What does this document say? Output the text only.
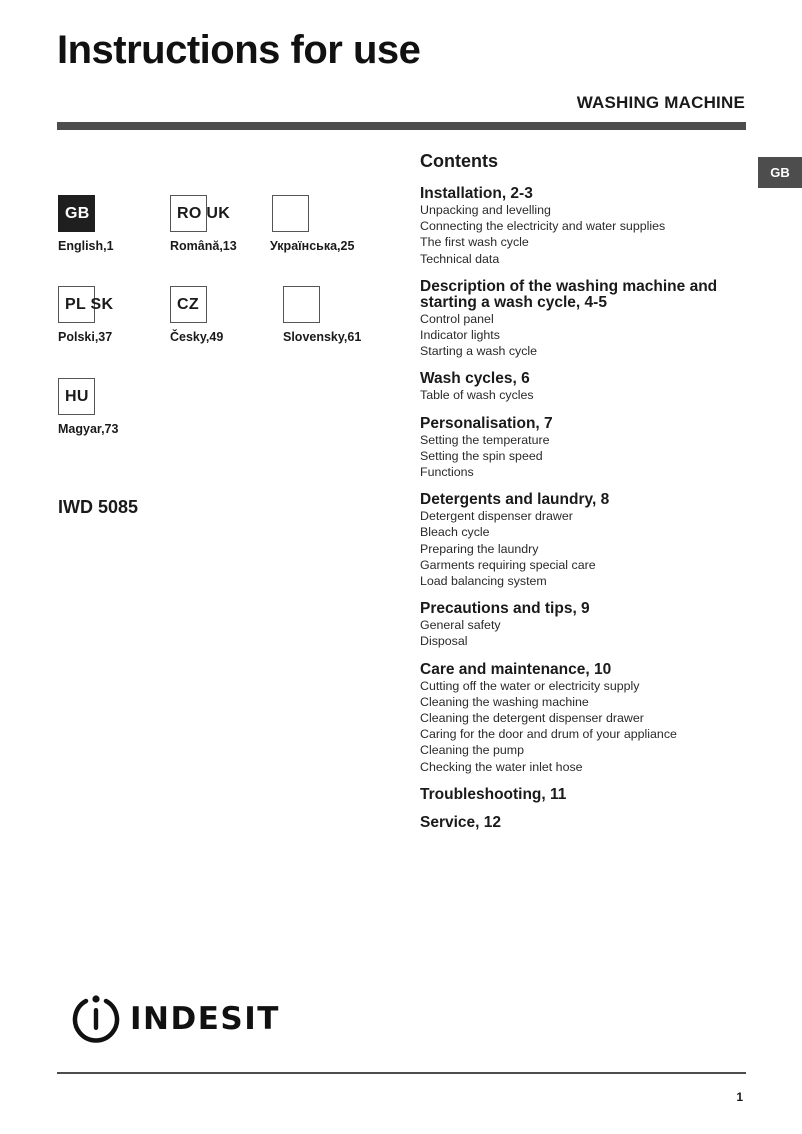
Instructions for use
WASHING MACHINE
GB
GB
English,1
RO UK
Română,13	Українська,25
PL SK
Polski,37
CZ
Česky,49	Slovensky,61
HU
Magyar,73
IWD 5085
Contents
Installation, 2-3
Unpacking and levelling
Connecting the electricity and water supplies
The first wash cycle
Technical data
Description of the washing machine and starting a wash cycle, 4-5
Control panel
Indicator lights
Starting a wash cycle
Wash cycles, 6
Table of wash cycles
Personalisation, 7
Setting the temperature
Setting the spin speed
Functions
Detergents and laundry, 8
Detergent dispenser drawer
Bleach cycle
Preparing the laundry
Garments requiring special care
Load balancing system
Precautions and tips, 9
General safety
Disposal
Care and maintenance, 10
Cutting off the water or electricity supply
Cleaning the washing machine
Cleaning the detergent dispenser drawer
Caring for the door and drum of your appliance
Cleaning the pump
Checking the water inlet hose
Troubleshooting, 11
Service, 12
INDESIT
1
